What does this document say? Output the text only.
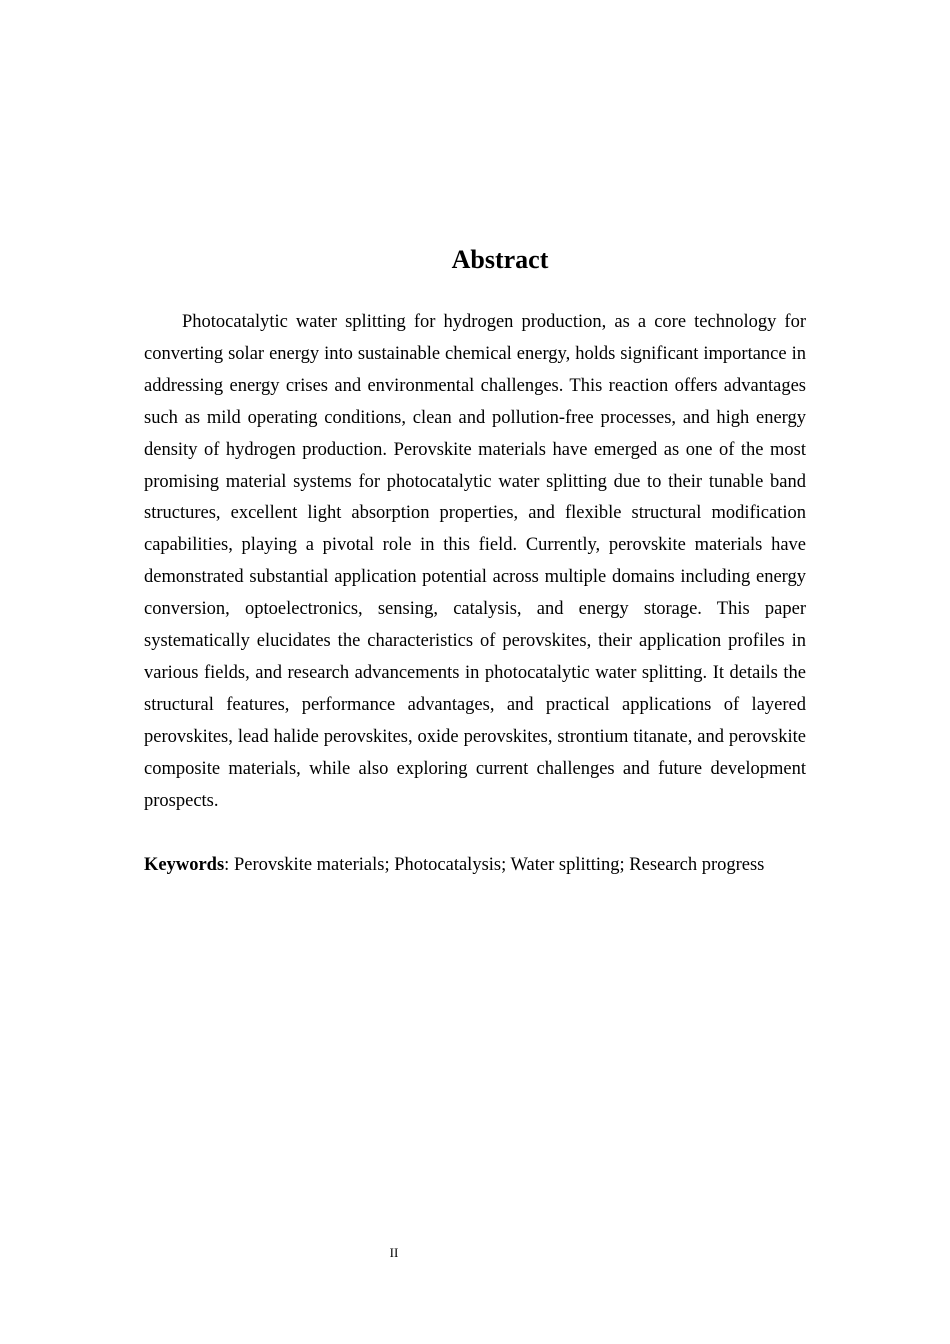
Abstract

Photocatalytic water splitting for hydrogen production, as a core technology for converting solar energy into sustainable chemical energy, holds significant importance in addressing energy crises and environmental challenges. This reaction offers advantages such as mild operating conditions, clean and pollution-free processes, and high energy density of hydrogen production. Perovskite materials have emerged as one of the most promising material systems for photocatalytic water splitting due to their tunable band structures, excellent light absorption properties, and flexible structural modification capabilities, playing a pivotal role in this field. Currently, perovskite materials have demonstrated substantial application potential across multiple domains including energy conversion, optoelectronics, sensing, catalysis, and energy storage. This paper systematically elucidates the characteristics of perovskites, their application profiles in various fields, and research advancements in photocatalytic water splitting. It details the structural features, performance advantages, and practical applications of layered perovskites, lead halide perovskites, oxide perovskites, strontium titanate, and perovskite composite materials, while also exploring current challenges and future development prospects.

Keywords: Perovskite materials; Photocatalysis; Water splitting; Research progress

II
